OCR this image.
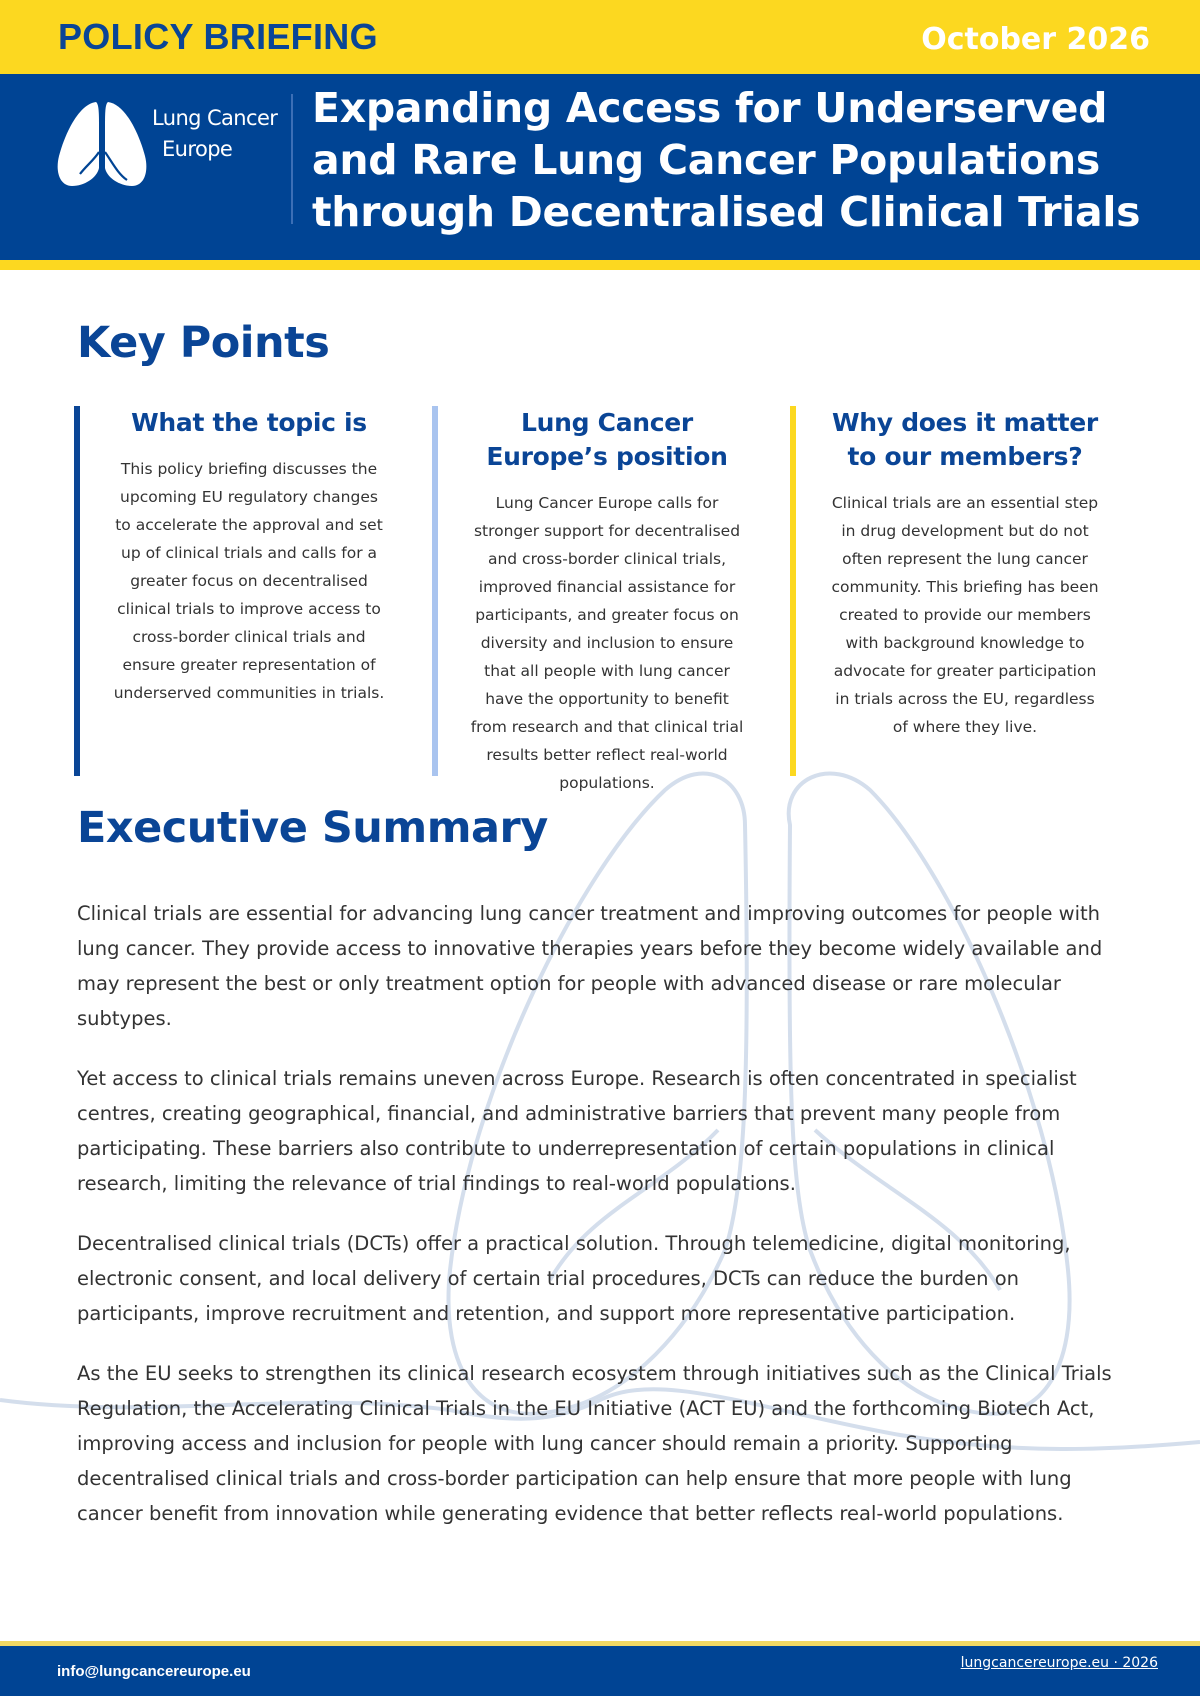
POLICY BRIEFING	October 2026
Lung Cancer
Europe
Expanding Access for Underserved and Rare Lung Cancer Populations through Decentralised Clinical Trials
Key Points
What the topic is

This policy briefing discusses the upcoming EU regulatory changes to accelerate the approval and set up of clinical trials and calls for a greater focus on decentralised clinical trials to improve access to cross-border clinical trials and ensure greater representation of underserved communities in trials.

Lung Cancer Europe’s position

Lung Cancer Europe calls for stronger support for decentralised and cross-border clinical trials, improved financial assistance for participants, and greater focus on diversity and inclusion to ensure that all people with lung cancer have the opportunity to benefit from research and that clinical trial results better reflect real-world populations.

Why does it matter to our members?

Clinical trials are an essential step in drug development but do not often represent the lung cancer community. This briefing has been created to provide our members with background knowledge to advocate for greater participation in trials across the EU, regardless of where they live.

Executive Summary

Clinical trials are essential for advancing lung cancer treatment and improving outcomes for people with lung cancer. They provide access to innovative therapies years before they become widely available and may represent the best or only treatment option for people with advanced disease or rare molecular subtypes.

Yet access to clinical trials remains uneven across Europe. Research is often concentrated in specialist centres, creating geographical, financial, and administrative barriers that prevent many people from participating. These barriers also contribute to underrepresentation of certain populations in clinical research, limiting the relevance of trial findings to real-world populations.

Decentralised clinical trials (DCTs) offer a practical solution. Through telemedicine, digital monitoring, electronic consent, and local delivery of certain trial procedures, DCTs can reduce the burden on participants, improve recruitment and retention, and support more representative participation.

As the EU seeks to strengthen its clinical research ecosystem through initiatives such as the Clinical Trials Regulation, the Accelerating Clinical Trials in the EU Initiative (ACT EU) and the forthcoming Biotech Act, improving access and inclusion for people with lung cancer should remain a priority. Supporting decentralised clinical trials and cross-border participation can help ensure that more people with lung cancer benefit from innovation while generating evidence that better reflects real-world populations.

info@lungcancereurope.eu	lungcancereurope.eu · 2026
